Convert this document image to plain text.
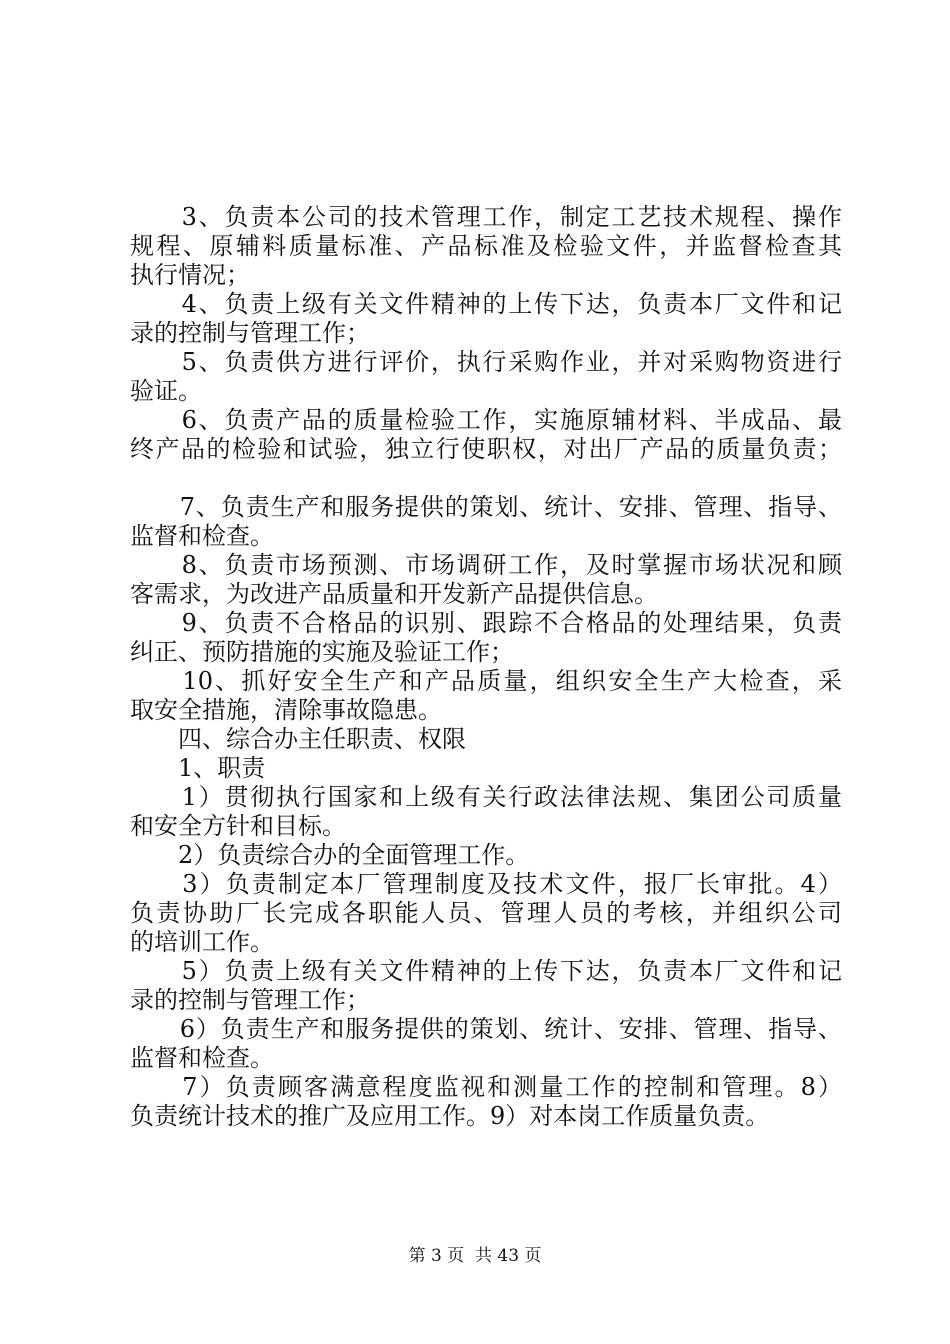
　　3、负责本公司的技术管理工作，制定工艺技术规程、操作
规程、原辅料质量标准、产品标准及检验文件，并监督检查其
执行情况；
　　4、负责上级有关文件精神的上传下达，负责本厂文件和记
录的控制与管理工作；
　　5、负责供方进行评价，执行采购作业，并对采购物资进行
验证。
　　6、负责产品的质量检验工作，实施原辅材料、半成品、最
终产品的检验和试验，独立行使职权，对出厂产品的质量负责；
　　7、负责生产和服务提供的策划、统计、安排、管理、指导、
监督和检查。
　　8、负责市场预测、市场调研工作，及时掌握市场状况和顾
客需求，为改进产品质量和开发新产品提供信息。
　　9、负责不合格品的识别、跟踪不合格品的处理结果，负责
纠正、预防措施的实施及验证工作；
　　10、抓好安全生产和产品质量，组织安全生产大检查，采
取安全措施，清除事故隐患。
　　四、综合办主任职责、权限
　　1、职责
　　1）贯彻执行国家和上级有关行政法律法规、集团公司质量
和安全方针和目标。
　　2）负责综合办的全面管理工作。
　　3）负责制定本厂管理制度及技术文件，报厂长审批。4）
负责协助厂长完成各职能人员、管理人员的考核，并组织公司
的培训工作。
　　5）负责上级有关文件精神的上传下达，负责本厂文件和记
录的控制与管理工作；
　　6）负责生产和服务提供的策划、统计、安排、管理、指导、
监督和检查。
　　7）负责顾客满意程度监视和测量工作的控制和管理。8）
负责统计技术的推广及应用工作。9）对本岗工作质量负责。
第 3 页  共 43 页
